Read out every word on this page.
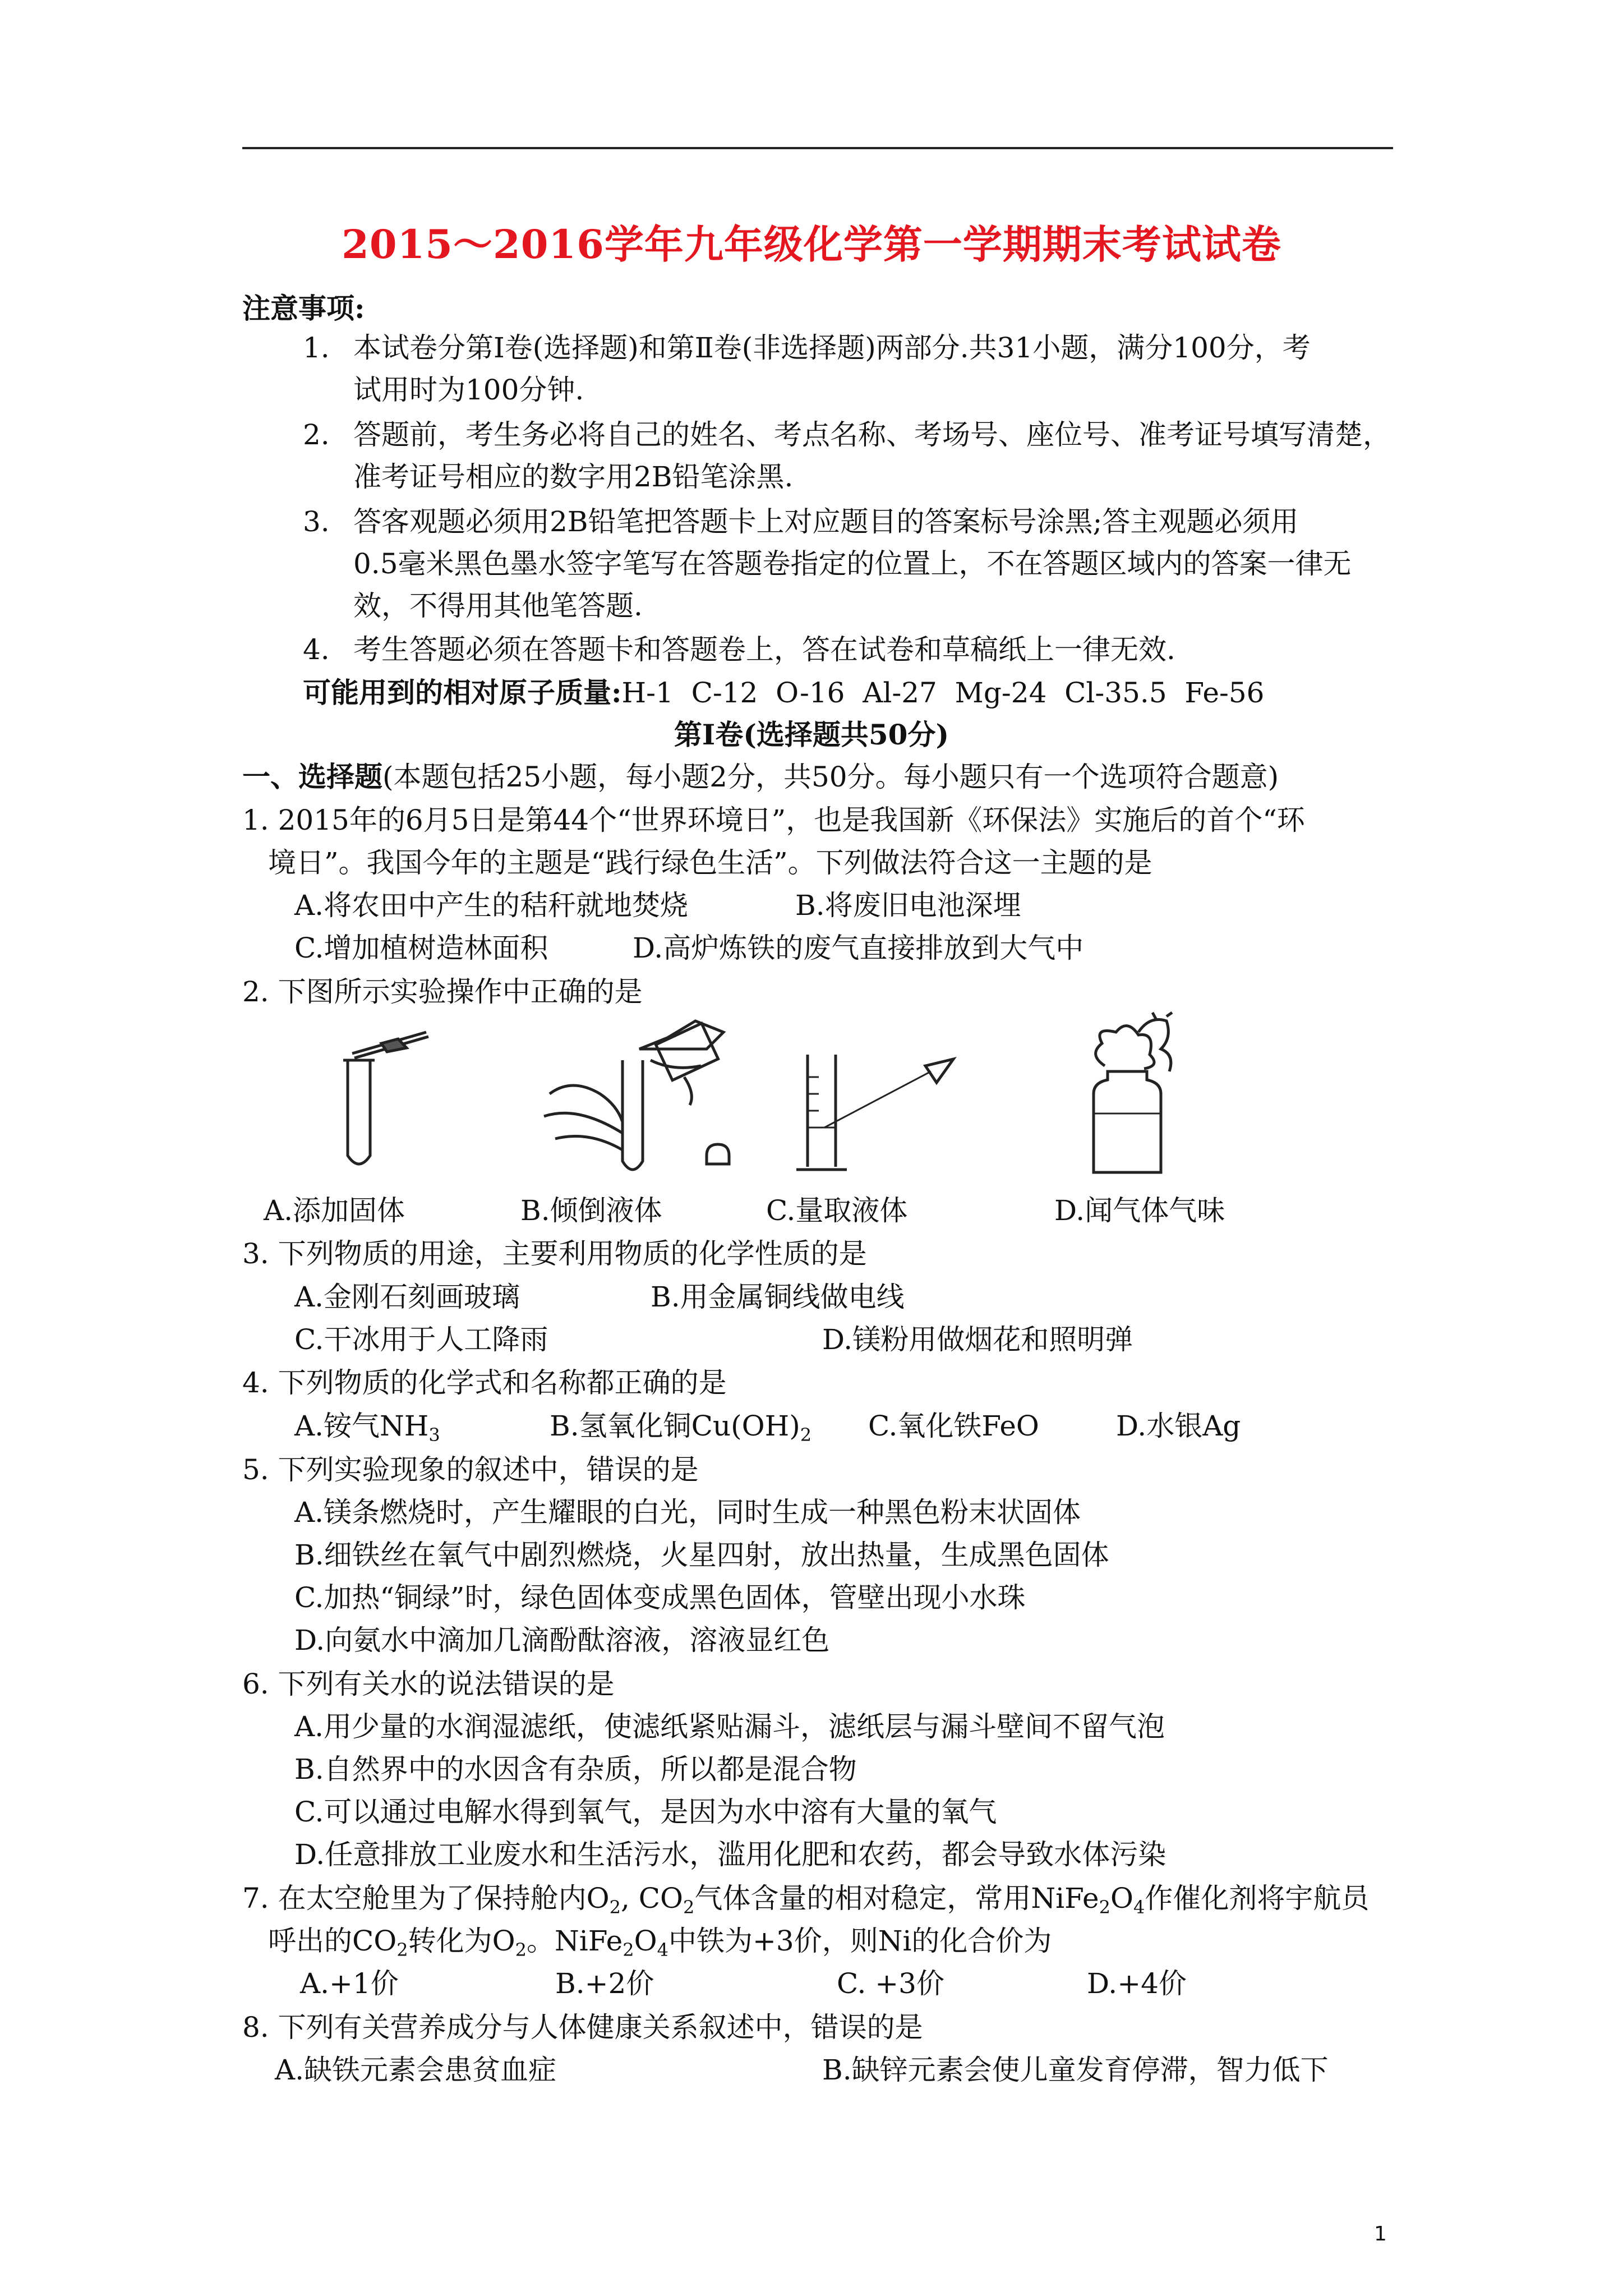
2015～2016学年九年级化学第一学期期末考试试卷
注意事项:
1. 本试卷分第Ⅰ卷(选择题)和第Ⅱ卷(非选择题)两部分.共31小题，满分100分，考
试用时为100分钟.
2. 答题前，考生务必将自己的姓名、考点名称、考场号、座位号、准考证号填写清楚，
准考证号相应的数字用2B铅笔涂黑.
3. 答客观题必须用2B铅笔把答题卡上对应题目的答案标号涂黑;答主观题必须用
0.5毫米黑色墨水签字笔写在答题卷指定的位置上，不在答题区域内的答案一律无
效，不得用其他笔答题.
4. 考生答题必须在答题卡和答题卷上，答在试卷和草稿纸上一律无效.
可能用到的相对原子质量:H-1  C-12  O-16  Al-27  Mg-24  Cl-35.5  Fe-56
第Ⅰ卷(选择题共50分)
一、选择题(本题包括25小题，每小题2分，共50分。每小题只有一个选项符合题意)
1. 2015年的6月5日是第44个“世界环境日”，也是我国新《环保法》实施后的首个“环
境日”。我国今年的主题是“践行绿色生活”。下列做法符合这一主题的是
A.将农田中产生的秸秆就地焚烧	B.将废旧电池深埋
C.增加植树造林面积	D.高炉炼铁的废气直接排放到大气中
2. 下图所示实验操作中正确的是
A.添加固体	B.倾倒液体	C.量取液体	D.闻气体气味
3. 下列物质的用途，主要利用物质的化学性质的是
A.金刚石刻画玻璃	B.用金属铜线做电线
C.干冰用于人工降雨	D.镁粉用做烟花和照明弹
4. 下列物质的化学式和名称都正确的是
A.铵气$NH_3$	B.氢氧化铜$Cu(OH)_2$ C.氧化铁FeO	D.水银Ag
5. 下列实验现象的叙述中，错误的是
A.镁条燃烧时，产生耀眼的白光，同时生成一种黑色粉末状固体
B.细铁丝在氧气中剧烈燃烧，火星四射，放出热量，生成黑色固体
C.加热“铜绿”时，绿色固体变成黑色固体，管壁出现小水珠
D.向氨水中滴加几滴酚酞溶液，溶液显红色
6. 下列有关水的说法错误的是
A.用少量的水润湿滤纸，使滤纸紧贴漏斗，滤纸层与漏斗壁间不留气泡
B.自然界中的水因含有杂质，所以都是混合物
C.可以通过电解水得到氧气，是因为水中溶有大量的氧气
D.任意排放工业废水和生活污水，滥用化肥和农药，都会导致水体污染
7. 在太空舱里为了保持舱内$O_2$, $CO_2$气体含量的相对稳定，常用$NiFe_2O_4$作催化剂将宇航员
呼出的$CO_2$转化为$O_2$。$NiFe_2O_4$中铁为+3价，则Ni的化合价为
A.+1价	B.+2价	C. +3价	D.+4价
8. 下列有关营养成分与人体健康关系叙述中，错误的是
A.缺铁元素会患贫血症	B.缺锌元素会使儿童发育停滞，智力低下
1
